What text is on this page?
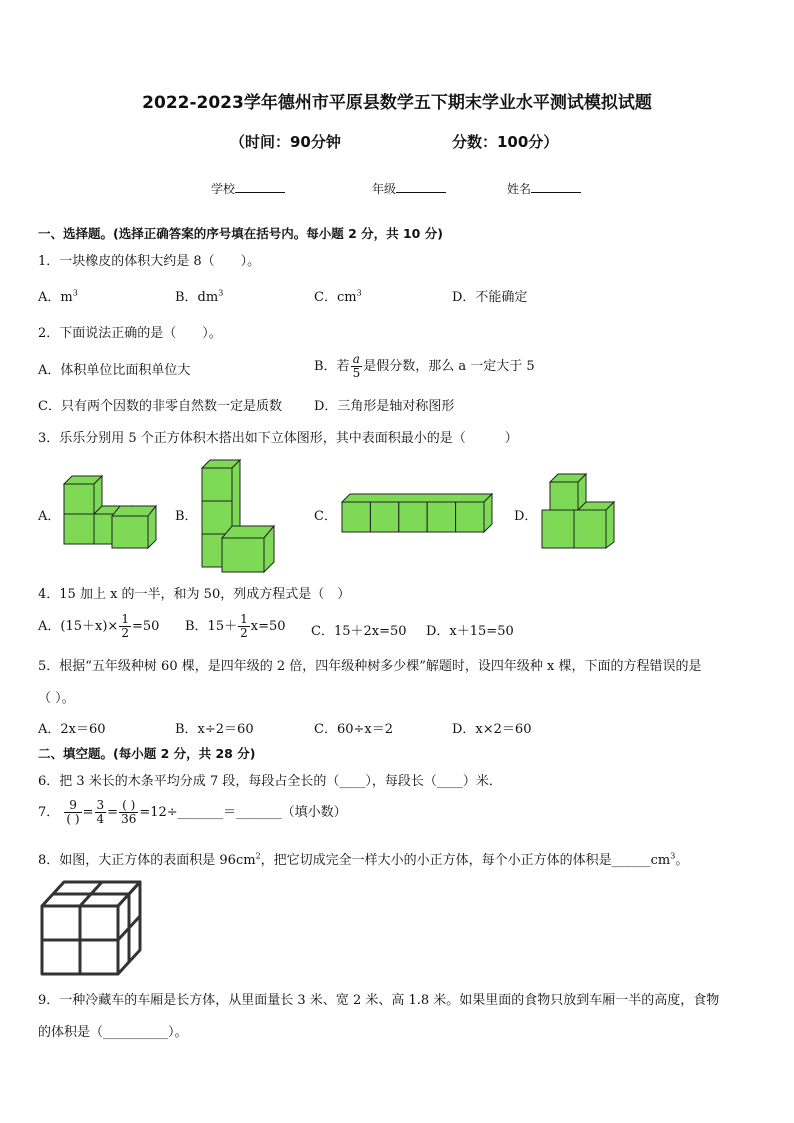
2022-2023学年德州市平原县数学五下期末学业水平测试模拟试题
（时间：90分钟	分数：100分）
学校	年级	姓名
一、选择题。(选择正确答案的序号填在括号内。每小题 2 分，共 10 分)
1．一块橡皮的体积大约是 8（　　）。
A．$m^3$	B．$dm^3$	C．$cm^3$	D．不能确定
2．下面说法正确的是（　　）。
A．体积单位比面积单位大	B．若 $\frac{a}{5}$ 是假分数，那么 a 一定大于 5
C．只有两个因数的非零自然数一定是质数 D．三角形是轴对称图形
3．乐乐分别用 5 个正方体积木搭出如下立体图形，其中表面积最小的是（　　　）
A．	B．	C．	D．
4．15 加上 x 的一半，和为 50，列成方程式是（　）
A．$(15+x)\times \frac{1}{2} =50$ B．$15+ \frac{1}{2} x=50$ C．15＋2x=50 D．x＋15=50
5．根据“五年级种树 60 棵，是四年级的 2 倍，四年级种树多少棵”解题时，设四年级种 x 棵，下面的方程错误的是
（ ）。
A．2x＝60	B．x÷2＝60	C．60÷x＝2	D．x×2＝60
二、填空题。(每小题 2 分，共 28 分)
6．把 3 米长的木条平均分成 7 段，每段占全长的（____），每段长（____）米．
7． $\frac{9}{( )} = \frac{3}{4} = \frac{( )}{36}$ =12÷_______＝_______（填小数）
8．如图，大正方体的表面积是 $96cm^2$，把它切成完全一样大小的小正方体，每个小正方体的体积是$\_\_\_\_\_\_cm^3$。
9．一种冷藏车的车厢是长方体，从里面量长 3 米、宽 2 米、高 1.8 米。如果里面的食物只放到车厢一半的高度，食物
的体积是（__________）。
